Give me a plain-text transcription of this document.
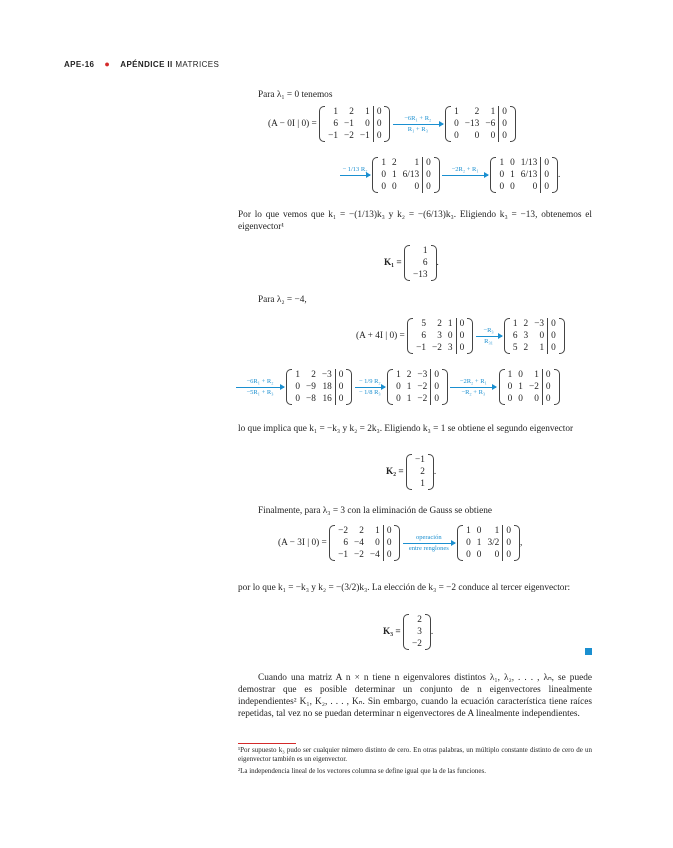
APE-16 ● APÉNDICE II MATRICES
Para λ₁ = 0 tenemos
(A − 0I | 0) =
1	2	1	0
6	−1	0	0
−1	−2	−1	0

$\frac{\text{−6R₁ + R₂}}{\text{R₁ + R₃}}$

1	2	1	0
0	−13	−6	0
0	0	0	0
− 1/13 R₂

1	2	1	0
0	1	6/13	0
0	0	0	0

−2R₂ + R₁

1	0	1/13	0
0	1	6/13	0
0	0	0	0
.
Por lo que vemos que k₁ = −(1/13)k₃ y k₂ = −(6/13)k₃. Eligiendo k₃ = −13, obtenemos el eigenvector¹
K₁ =
1
6
−13
.
Para λ₂ = −4,
(A + 4I | 0) =
5	2	1	0
6	3	0	0
−1	−2	3	0

$\frac{\text{−R₃}}{\text{R₃₁}}$

1	2	−3	0
6	3	0	0
5	2	1	0
$\frac{\text{−6R₁ + R₂}}{\text{−5R₁ + R₃}}$

1	2	−3	0
0	−9	18	0
0	−8	16	0

$\frac{\text{− 1/9 R₂}}{\text{− 1/8 R₃}}$

1	2	−3	0
0	1	−2	0
0	1	−2	0

$\frac{\text{−2R₂ + R₁}}{\text{−R₂ + R₃}}$

1	0	1	0
0	1	−2	0
0	0	0	0
lo que implica que k₁ = −k₃ y k₂ = 2k₃. Eligiendo k₃ = 1 se obtiene el segundo eigenvector
K₂ =
−1
2
1
.
Finalmente, para λ₃ = 3 con la eliminación de Gauss se obtiene
(A − 3I | 0) =
−2	2	1	0
6	−4	0	0
−1	−2	−4	0

operación
entre renglones

1	0	1	0
0	1	3/2	0
0	0	0	0
,
por lo que k₁ = −k₃ y k₂ = −(3/2)k₃. La elección de k₃ = −2 conduce al tercer eigenvector:
K₃ =
2
3
−2
.
Cuando una matriz A n × n tiene n eigenvalores distintos λ₁, λ₂, . . . , λₙ, se puede demostrar que es posible determinar un conjunto de n eigenvectores linealmente independientes² K₁, K₂, . . . , Kₙ. Sin embargo, cuando la ecuación característica tiene raíces repetidas, tal vez no se puedan determinar n eigenvectores de A linealmente independientes.
¹Por supuesto k₃ pudo ser cualquier número distinto de cero. En otras palabras, un múltiplo constante distinto de cero de un eigenvector también es un eigenvector.
²La independencia lineal de los vectores columna se define igual que la de las funciones.
